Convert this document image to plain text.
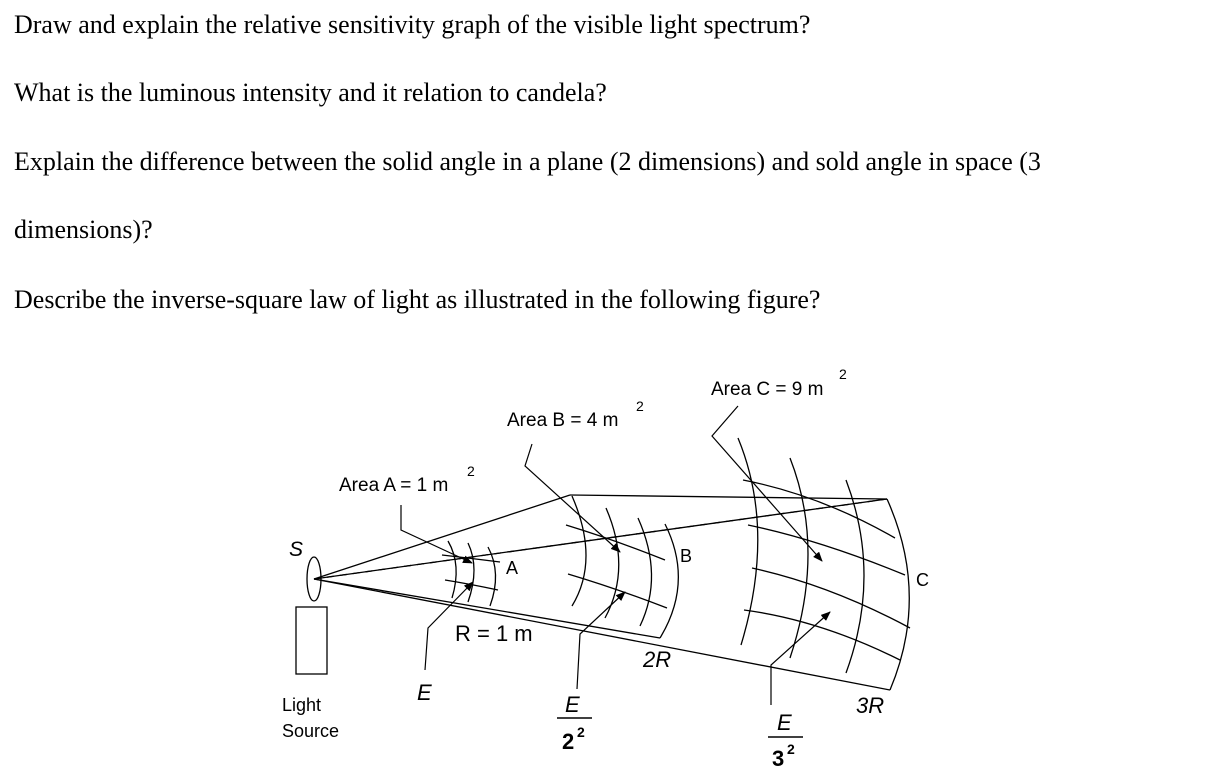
Draw and explain the relative sensitivity graph of the visible light spectrum?

What is the luminous intensity and it relation to candela?

Explain the difference between the solid angle in a plane (2 dimensions) and sold angle in space (3

dimensions)?

Describe the inverse-square law of light as illustrated in the following figure?

S
Light
Source
Area A = 1 m
2
Area B = 4 m
2
Area C = 9 m
2
A
B
C
R = 1 m
2R
3R
E	E
2 2	E
3 2
